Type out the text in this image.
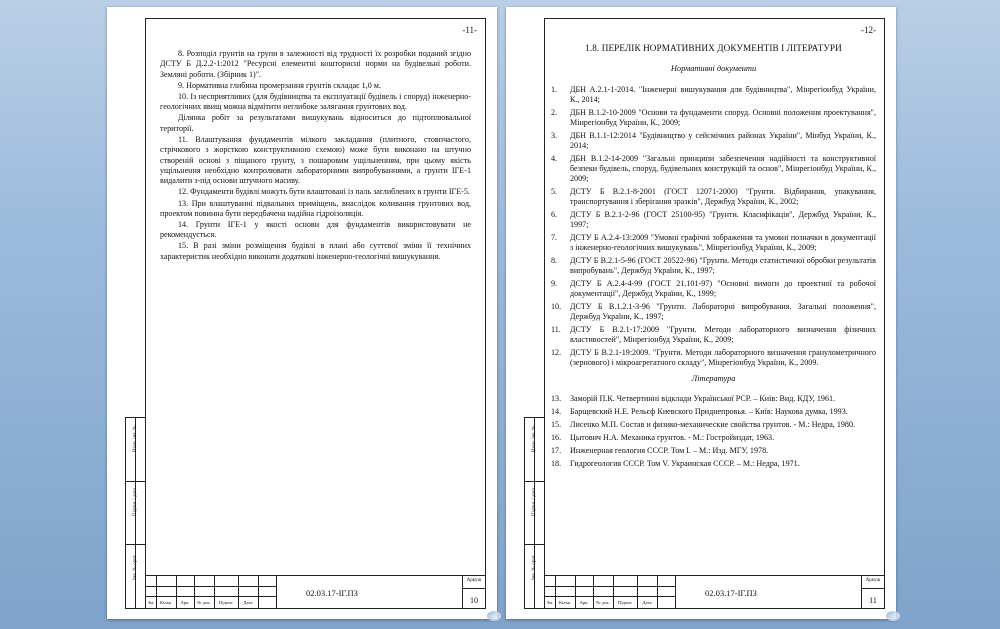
-11-

8. Розподіл грунтів на групи в залежності від трудності їх розробки поданий згідно ДСТУ Б Д.2.2-1:2012 "Ресурсні елементні кошторисні норми на будівельні роботи. Земляні роботи. (Збірник 1)".

9. Нормативна глибина промерзання грунтів складає 1,0 м.

10. Із несприятливих (для будівництва та експлуатації будівель і споруд) інженерно-геологічних явищ можна відмітити неглибоке залягання грунтових вод.

Ділянка робіт за результатами вишукувань відноситься до підтоплювальної території.

11. Влаштування фундаментів мілкого закладання (плитного, стовпчастого, стрічкового з жорсткою конструктивною схемою) може бути виконано на штучно створеній основі з піщаного грунту, з пошаровим ущільненням, при цьому якість ущільнення необхідно контролювати лабораторними випробуваннями, а грунти ІГЕ-1 видалити з-під основи штучного масиву.

12. Фундаменти будівлі можуть бути влаштовані із паль заглиблених в грунти ІГЕ-5.

13. При влаштуванні підвальних приміщень, внаслідок коливання грунтових вод, проектом повинна бути передбачена надійна гідроізоляція.

14. Грунти ІГЕ-1 у якості основи для фундаментів використовувати не рекомендується.

15. В разі зміни розміщення будівлі в плані або суттєвої зміни її технічних характеристик необхідно виконати додаткові інженерно-геологічні вишукування.

Зм.	Кільк.	Арк.	№ док.	Підпис	Дата
02.03.17-ІГ.ПЗ
Аркуш
10
Взам. інв. №
Підпис і дата
Інв. № ориг.
-12-
1.8. ПЕРЕЛІК НОРМАТИВНИХ ДОКУМЕНТІВ І ЛІТЕРАТУРИ
Нормативні документи
1.	ДБН А.2.1-1-2014. "Інженерні вишукування для будівництва", Мінрегіонбуд України, К., 2014;
2.	ДБН В.1.2-10-2009 "Основи та фундаменти споруд. Основні положення проектування", Мінрегіонбуд України, К., 2009;
3.	ДБН В.1.1-12:2014 "Будівництво у сейсмічних районах України", Мінбуд України, К., 2014;
4.	ДБН В.1.2-14-2009 "Загальні принципи забезпечення надійності та конструктивної безпеки будівель, споруд, будівельних конструкцій та основ", Мінрегіонбуд України, К., 2009;
5.	ДСТУ Б В.2.1-8-2001 (ГОСТ 12071-2000) "Грунти. Відбирання, упакування, транспортування і зберігання зразків", Держбуд України, К., 2002;
6.	ДСТУ Б В.2.1-2-96 (ГОСТ 25100-95) "Грунти. Класифікація", Держбуд України, К., 1997;
7.	ДСТУ Б А.2.4-13:2009 "Умовні графічні зображення та умовні позначки в документації з інженерно-геологічних вишукувань", Мінрегіонбуд України, К., 2009;
8.	ДСТУ Б В.2.1-5-96 (ГОСТ 20522-96) "Грунти. Методи статистичної обробки результатів випробувань", Держбуд України, К., 1997;
9.	ДСТУ Б А.2.4-4-99 (ГОСТ 21.101-97) "Основні вимоги до проектної та робочої документації", Держбуд України, К., 1999;
10.	ДСТУ Б В.1.2.1-3-96 "Грунти. Лабораторні випробування. Загальні положення", Держбуд України, К., 1997;
11.	ДСТУ Б В.2.1-17:2009 "Грунти. Методи лабораторного визначення фізичних властивостей", Мінрегіонбуд України, К., 2009;
12.	ДСТУ Б В.2.1-19:2009. "Грунти. Методи лабораторного визначення гранулометричного (зернового) і мікроагрегатного складу", Мінрегіонбуд України, К., 2009.
Література
13.	Заморій П.К. Четвертинні відклади Української РСР. – Київ: Вид. КДУ, 1961.
14.	Барщевский Н.Е. Рельєф Киевского Приднепровья. – Київ: Наукова думка, 1993.
15.	Лисенко М.П. Состав и физико-механические свойства грунтов. - М.: Недра, 1980.
16.	Цытович Н.А. Механика грунтов. - М.: Гостройиздат, 1963.
17.	Инженерная геология СССР. Том I. – М.: Изд. МГУ, 1978.
18.	Гидрогеология СССР. Том V. Украинская СССР. – М.: Недра, 1971.
Зм.	Кільк.	Арк.	№ док.	Підпис	Дата
02.03.17-ІГ.ПЗ
Аркуш
11
Взам. інв. №
Підпис і дата
Інв. № ориг.
